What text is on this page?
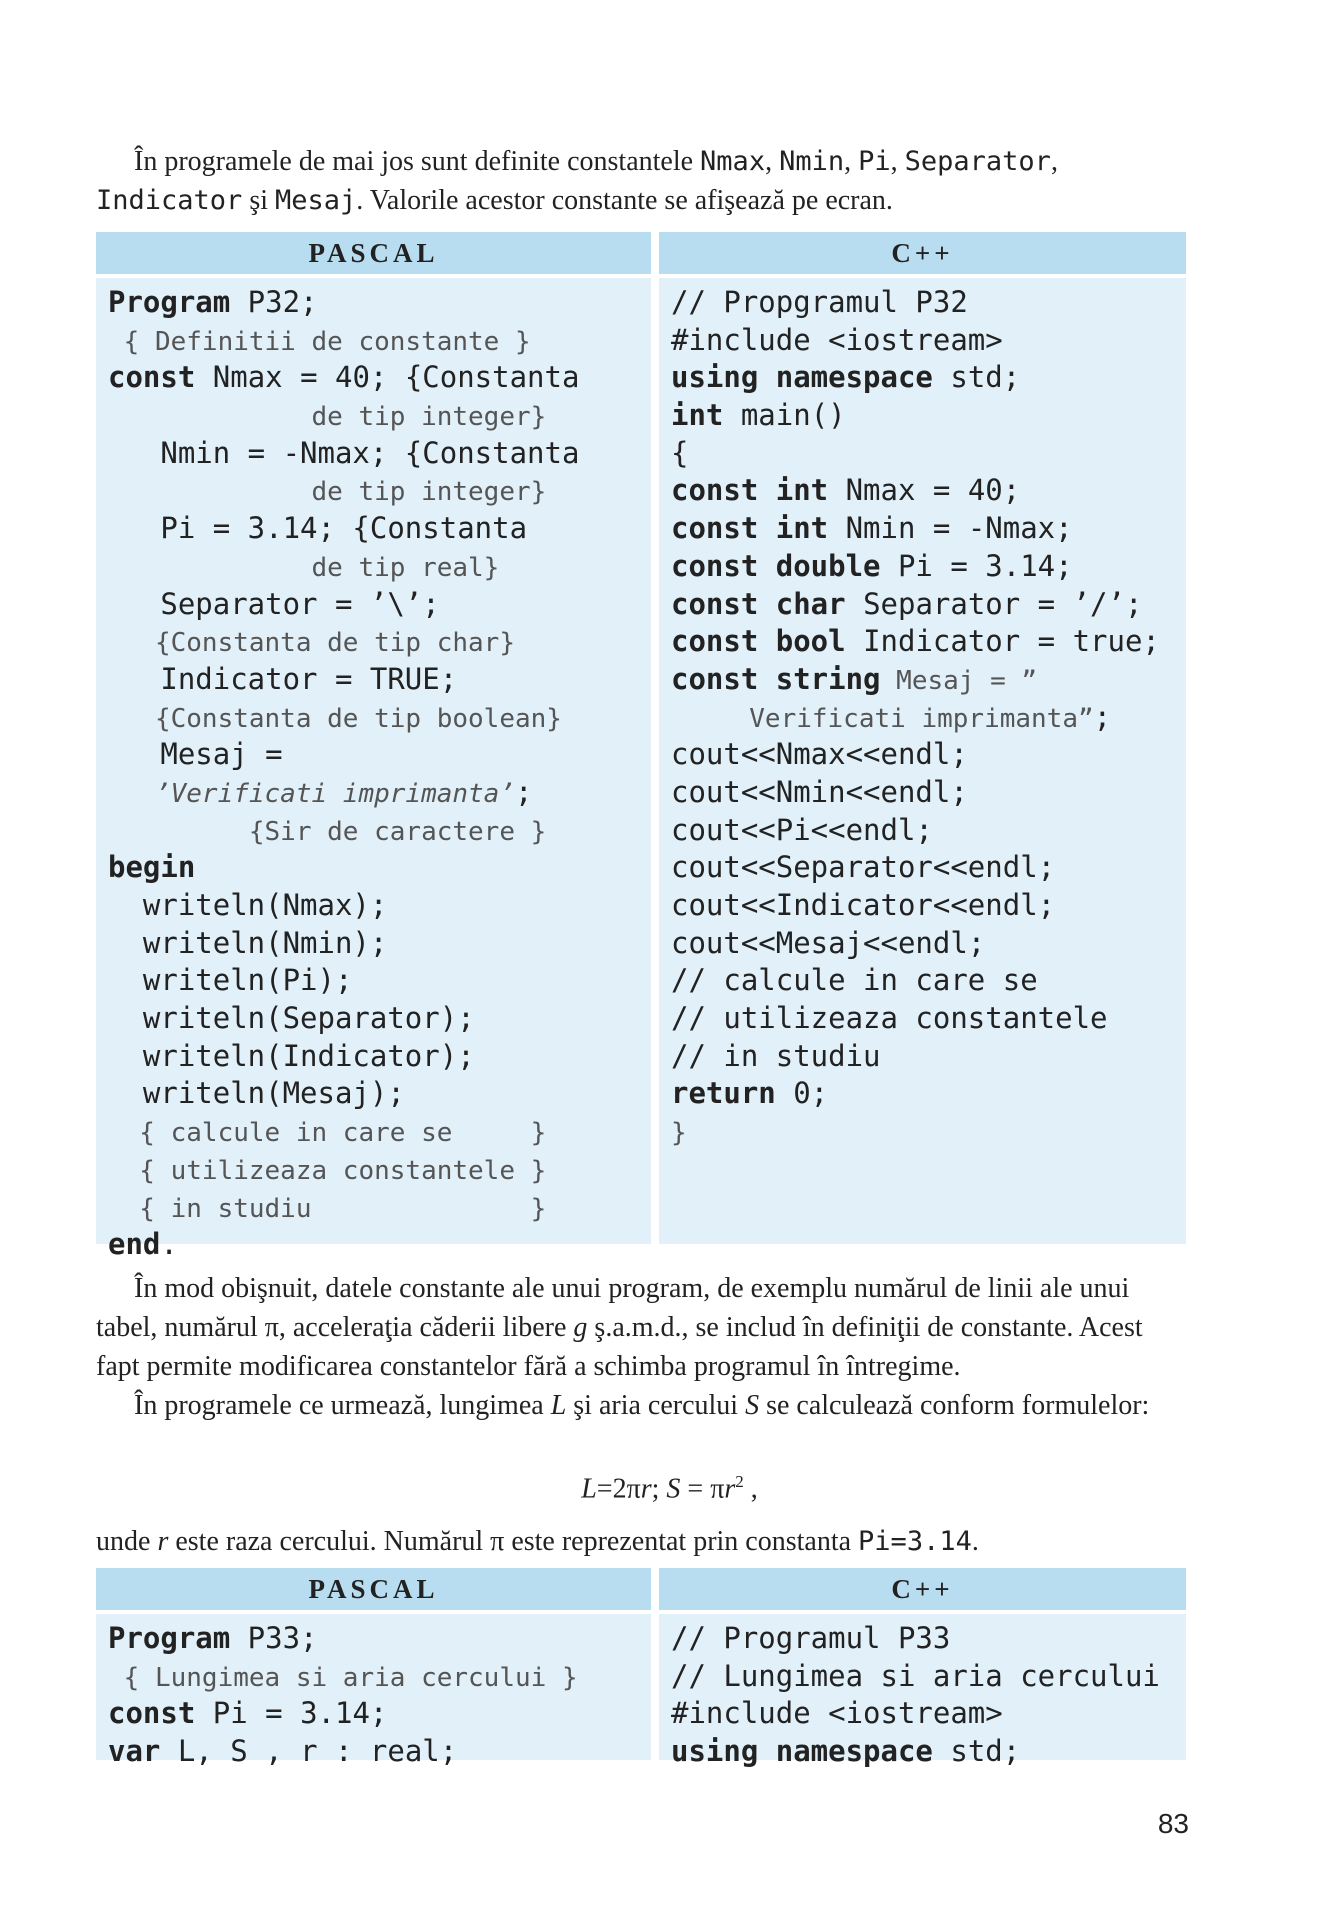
În programele de mai jos sunt definite constantele Nmax, Nmin, Pi, Separator, Indicator şi Mesaj. Valorile acestor constante se afişează pe ecran.
PASCAL
Program P32;
{ Definitii de constante }
const Nmax = 40; {Constanta
de tip integer}
Nmin = -Nmax; {Constanta
de tip integer}
Pi = 3.14; {Constanta
de tip real}
Separator = ’\’;
{Constanta de tip char}
Indicator = TRUE;
{Constanta de tip boolean}
Mesaj =
’Verificati imprimanta’;
{Sir de caractere }
begin
writeln(Nmax);
writeln(Nmin);
writeln(Pi);
writeln(Separator);
writeln(Indicator);
writeln(Mesaj);
{ calcule in care se     }
{ utilizeaza constantele }
{ in studiu              }
end.
C++
// Propgramul P32
#include <iostream>
using namespace std;
int main()
{
const int Nmax = 40;
const int Nmin = -Nmax;
const double Pi = 3.14;
const char Separator = ’/’;
const bool Indicator = true;
const string Mesaj = ”
Verificati imprimanta”;
cout<<Nmax<<endl;
cout<<Nmin<<endl;
cout<<Pi<<endl;
cout<<Separator<<endl;
cout<<Indicator<<endl;
cout<<Mesaj<<endl;
// calcule in care se
// utilizeaza constantele
// in studiu
return 0;
}
În mod obişnuit, datele constante ale unui program, de exemplu numărul de linii ale unui tabel, numărul π, acceleraţia căderii libere g ş.a.m.d., se includ în definiţii de constante. Acest fapt permite modificarea constantelor fără a schimba programul în întregime.
În programele ce urmează, lungimea L şi aria cercului S se calculează conform formulelor:
L=2πr; $S = \pi r^2$ ,
unde r este raza cercului. Numărul π este reprezentat prin constanta Pi=3.14.
PASCAL
Program P33;
{ Lungimea si aria cercului }
const Pi = 3.14;
var L, S , r : real;
C++
// Programul P33
// Lungimea si aria cercului
#include <iostream>
using namespace std;
83
